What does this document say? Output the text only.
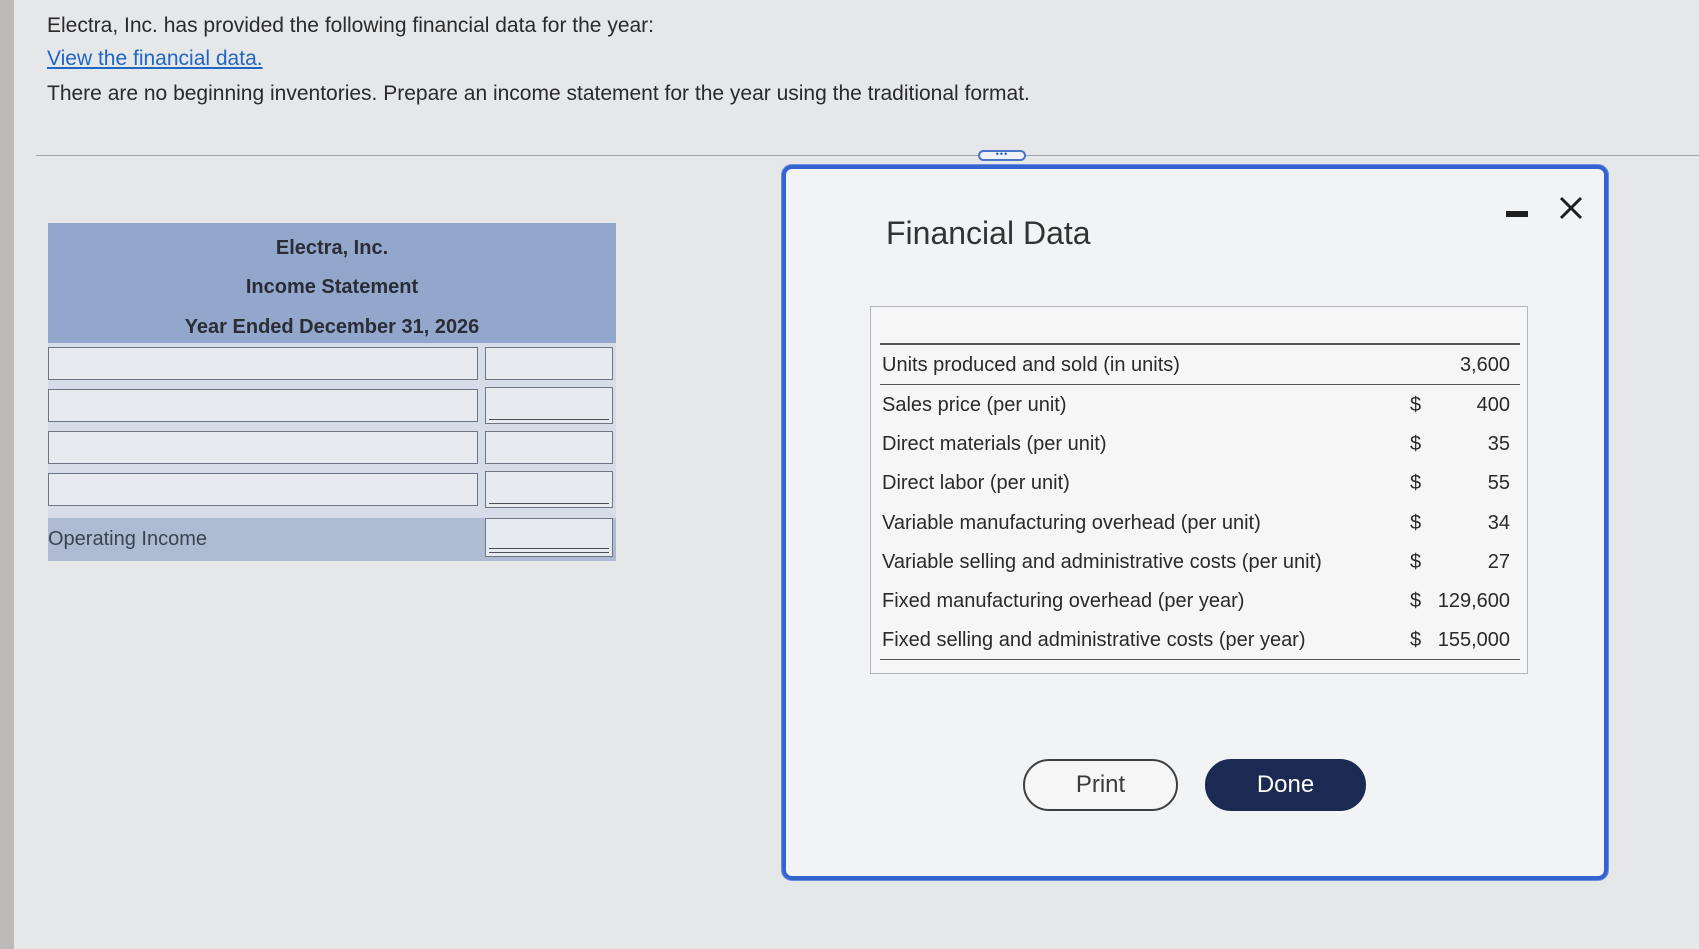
Electra, Inc. has provided the following financial data for the year:
View the financial data.
There are no beginning inventories. Prepare an income statement for the year using the traditional format.
•••
Electra, Inc.
Income Statement
Year Ended December 31, 2026
Operating Income
Financial Data
Units produced and sold (in units)	3,600
Sales price (per unit)	$	400
Direct materials (per unit)	$	35
Direct labor (per unit)	$	55
Variable manufacturing overhead (per unit)	$	34
Variable selling and administrative costs (per unit)	$	27
Fixed manufacturing overhead (per year)	$ 129,600
Fixed selling and administrative costs (per year)	$ 155,000
Print	Done
